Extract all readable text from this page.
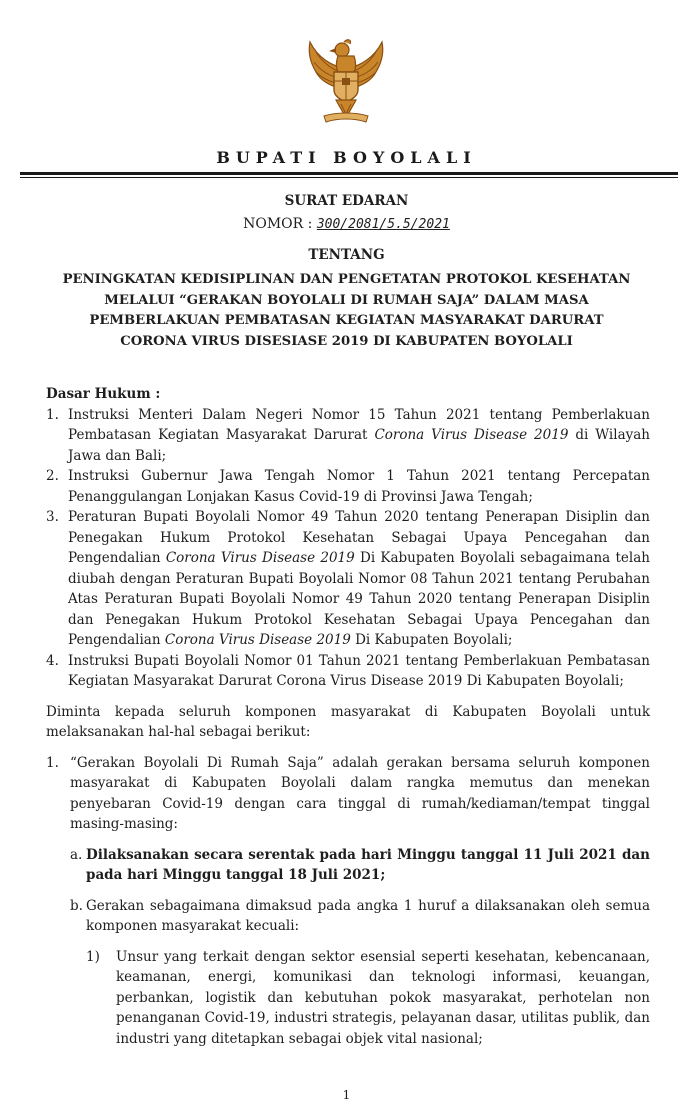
BUPATI BOYOLALI
SURAT EDARAN
NOMOR : 300/2081/5.5/2021
TENTANG
PENINGKATAN KEDISIPLINAN DAN PENGETATAN PROTOKOL KESEHATAN
MELALUI “GERAKAN BOYOLALI DI RUMAH SAJA” DALAM MASA
PEMBERLAKUAN PEMBATASAN KEGIATAN MASYARAKAT DARURAT
CORONA VIRUS DISESIASE 2019 DI KABUPATEN BOYOLALI
Dasar Hukum :
1. Instruksi Menteri Dalam Negeri Nomor 15 Tahun 2021 tentang Pemberlakuan Pembatasan Kegiatan Masyarakat Darurat Corona Virus Disease 2019 di Wilayah Jawa dan Bali;
2. Instruksi Gubernur Jawa Tengah Nomor 1 Tahun 2021 tentang Percepatan Penanggulangan Lonjakan Kasus Covid-19 di Provinsi Jawa Tengah;
3. Peraturan Bupati Boyolali Nomor 49 Tahun 2020 tentang Penerapan Disiplin dan Penegakan Hukum Protokol Kesehatan Sebagai Upaya Pencegahan dan Pengendalian Corona Virus Disease 2019 Di Kabupaten Boyolali sebagaimana telah diubah dengan Peraturan Bupati Boyolali Nomor 08 Tahun 2021 tentang Perubahan Atas Peraturan Bupati Boyolali Nomor 49 Tahun 2020 tentang Penerapan Disiplin dan Penegakan Hukum Protokol Kesehatan Sebagai Upaya Pencegahan dan Pengendalian Corona Virus Disease 2019 Di Kabupaten Boyolali;
4. Instruksi Bupati Boyolali Nomor 01 Tahun 2021 tentang Pemberlakuan Pembatasan Kegiatan Masyarakat Darurat Corona Virus Disease 2019 Di Kabupaten Boyolali;
Diminta kepada seluruh komponen masyarakat di Kabupaten Boyolali untuk melaksanakan hal-hal sebagai berikut:
1. “Gerakan Boyolali Di Rumah Saja” adalah gerakan bersama seluruh komponen masyarakat di Kabupaten Boyolali dalam rangka memutus dan menekan penyebaran Covid-19 dengan cara tinggal di rumah/kediaman/tempat tinggal masing-masing:
a. Dilaksanakan secara serentak pada hari Minggu tanggal 11 Juli 2021 dan pada hari Minggu tanggal 18 Juli 2021;
b. Gerakan sebagaimana dimaksud pada angka 1 huruf a dilaksanakan oleh semua komponen masyarakat kecuali:
1) Unsur yang terkait dengan sektor esensial seperti kesehatan, kebencanaan, keamanan, energi, komunikasi dan teknologi informasi, keuangan, perbankan, logistik dan kebutuhan pokok masyarakat, perhotelan non penanganan Covid-19, industri strategis, pelayanan dasar, utilitas publik, dan industri yang ditetapkan sebagai objek vital nasional;
1
